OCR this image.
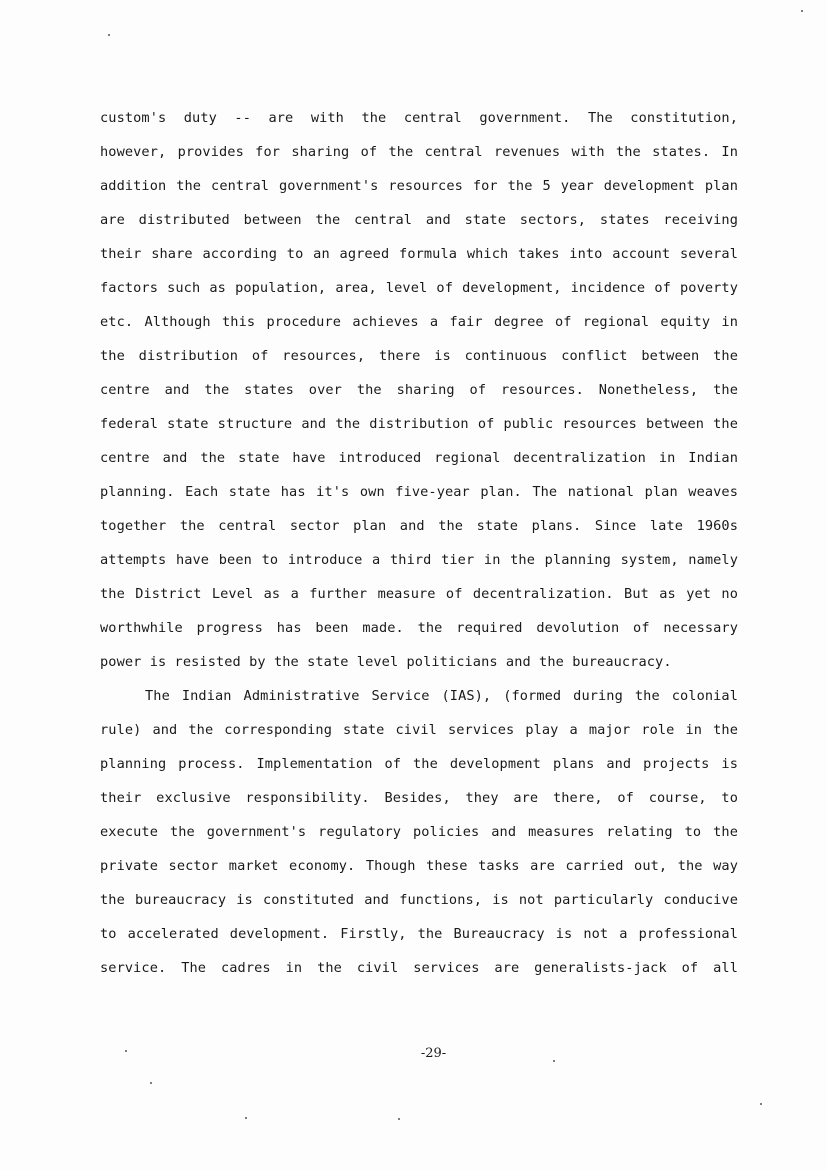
custom's duty -- are with the central government. The constitution,
however, provides for sharing of the central revenues with the states. In
addition the central government's resources for the 5 year development plan
are distributed between the central and state sectors, states receiving
their share according to an agreed formula which takes into account several
factors such as population, area, level of development, incidence of poverty
etc. Although this procedure achieves a fair degree of regional equity in
the distribution of resources, there is continuous conflict between the
centre and the states over the sharing of resources. Nonetheless, the
federal state structure and the distribution of public resources between the
centre and the state have introduced regional decentralization in Indian
planning. Each state has it's own five-year plan. The national plan weaves
together the central sector plan and the state plans. Since late 1960s
attempts have been to introduce a third tier in the planning system, namely
the District Level as a further measure of decentralization. But as yet no
worthwhile progress has been made. the required devolution of necessary
power is resisted by the state level politicians and the bureaucracy.
The Indian Administrative Service (IAS), (formed during the colonial
rule) and the corresponding state civil services play a major role in the
planning process. Implementation of the development plans and projects is
their exclusive responsibility. Besides, they are there, of course, to
execute the government's regulatory policies and measures relating to the
private sector market economy. Though these tasks are carried out, the way
the bureaucracy is constituted and functions, is not particularly conducive
to accelerated development. Firstly, the Bureaucracy is not a professional
service. The cadres in the civil services are generalists-jack of all
-29-
